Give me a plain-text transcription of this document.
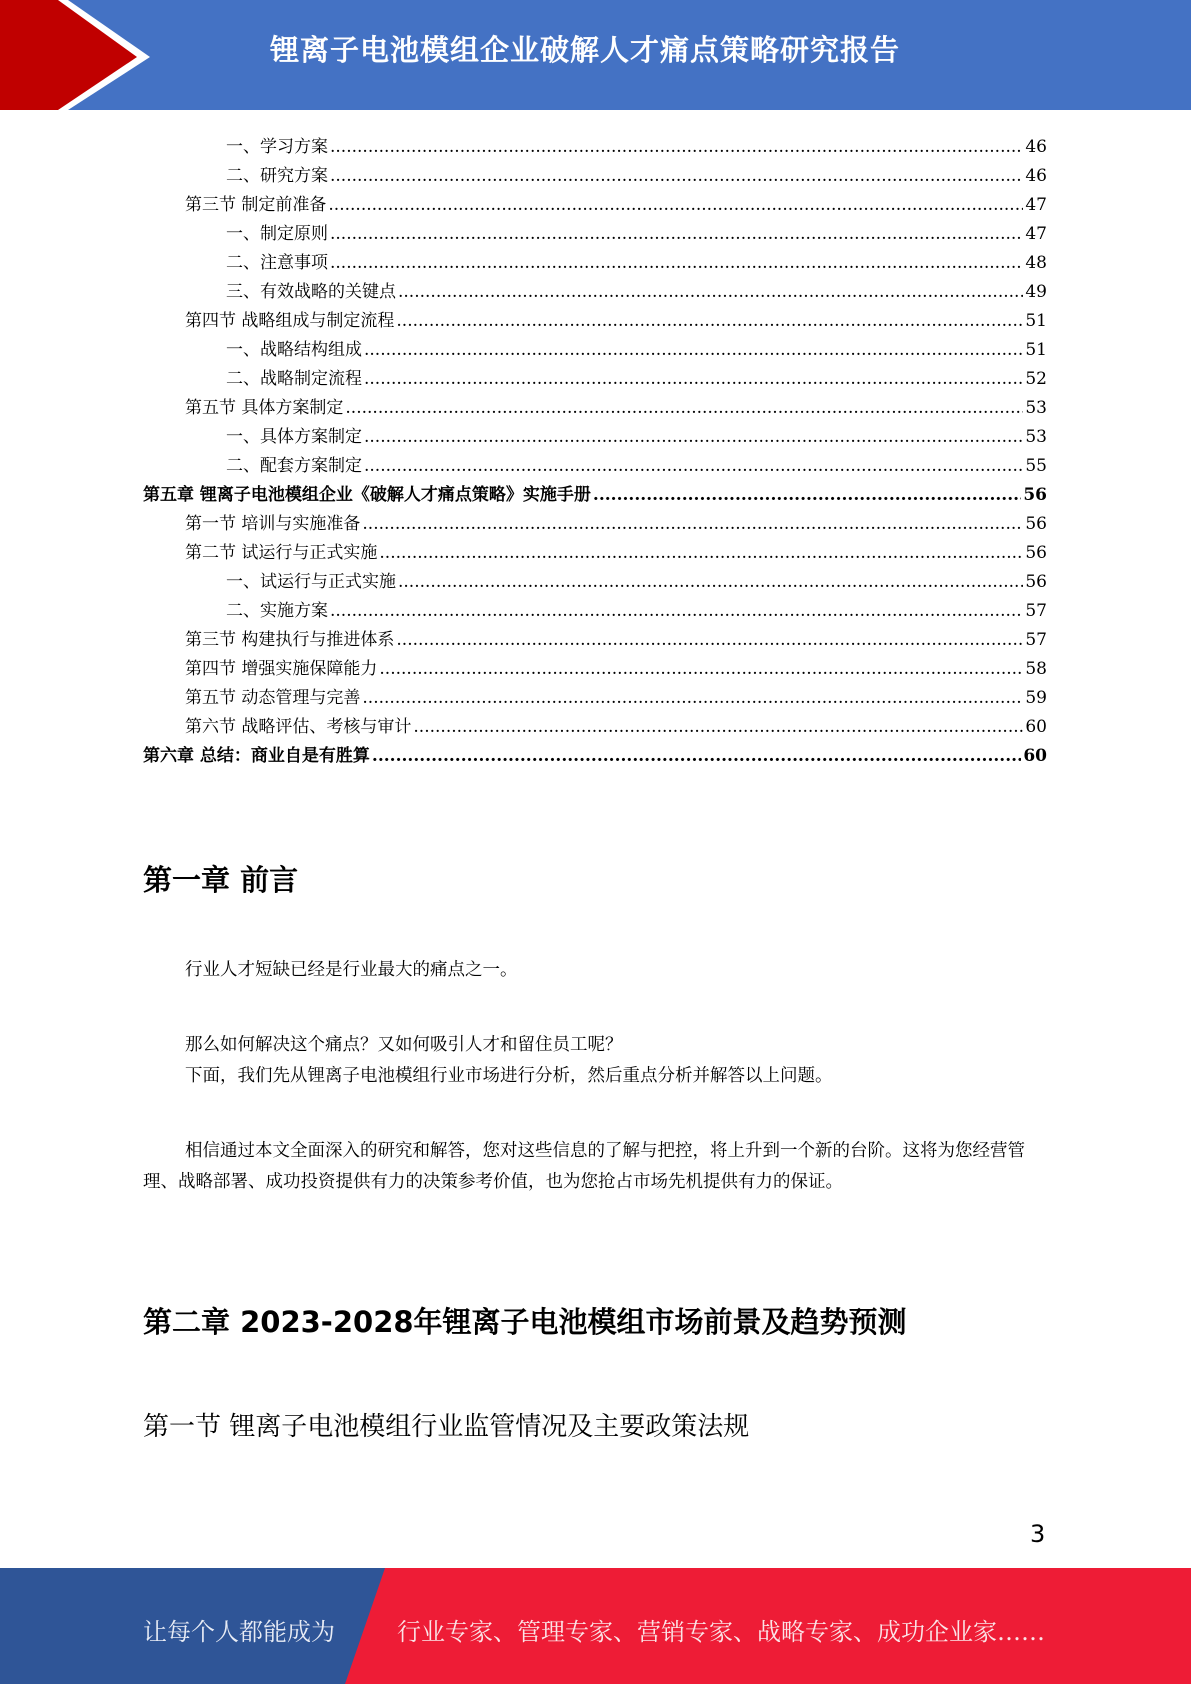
锂离子电池模组企业破解人才痛点策略研究报告
一、学习方案 .....	46
二、研究方案 .....	46
第三节 制定前准备 .....	47
一、制定原则 .....	47
二、注意事项 .....	48
三、有效战略的关键点 .....	49
第四节 战略组成与制定流程 .....	51
一、战略结构组成 .....	51
二、战略制定流程 .....	52
第五节 具体方案制定 .....	53
一、具体方案制定 .....	53
二、配套方案制定 .....	55
第五章 锂离子电池模组企业《破解人才痛点策略》实施手册 .....	56
第一节 培训与实施准备 .....	56
第二节 试运行与正式实施 .....	56
一、试运行与正式实施 .....	56
二、实施方案 .....	57
第三节 构建执行与推进体系 .....	57
第四节 增强实施保障能力 .....	58
第五节 动态管理与完善 .....	59
第六节 战略评估、考核与审计 .....	60
第六章 总结：商业自是有胜算 .....	60
第一章 前言
行业人才短缺已经是行业最大的痛点之一。
那么如何解决这个痛点？又如何吸引人才和留住员工呢？
下面，我们先从锂离子电池模组行业市场进行分析，然后重点分析并解答以上问题。
相信通过本文全面深入的研究和解答，您对这些信息的了解与把控，将上升到一个新的台阶。这将为您经营管理、战略部署、成功投资提供有力的决策参考价值，也为您抢占市场先机提供有力的保证。
第二章 2023-2028年锂离子电池模组市场前景及趋势预测
第一节 锂离子电池模组行业监管情况及主要政策法规
3
让每个人都能成为	行业专家、管理专家、营销专家、战略专家、成功企业家……
